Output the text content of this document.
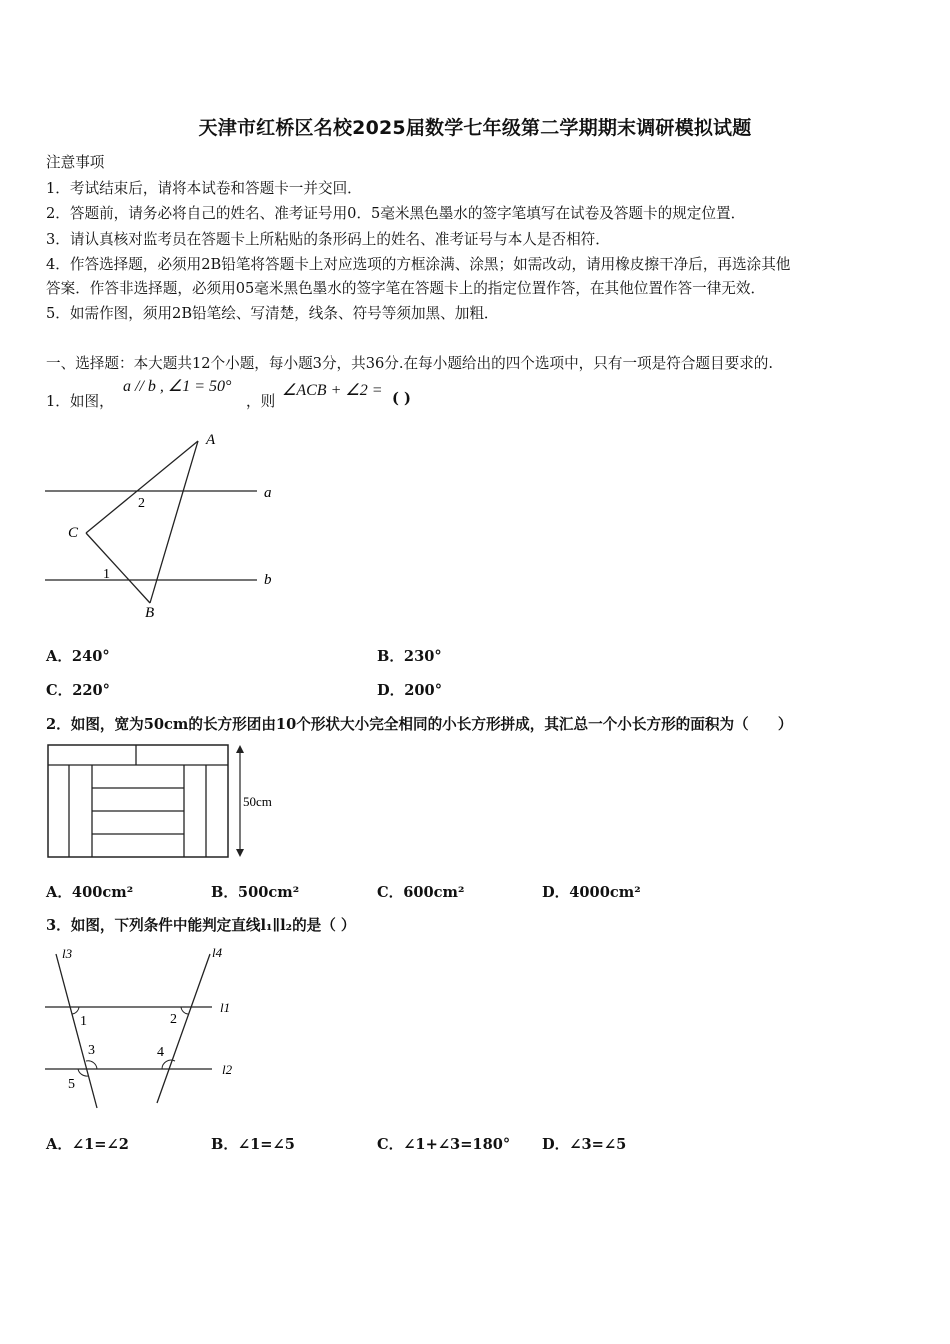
天津市红桥区名校2025届数学七年级第二学期期末调研模拟试题
注意事项
1．考试结束后，请将本试卷和答题卡一并交回．
2．答题前，请务必将自己的姓名、准考证号用0．5毫米黑色墨水的签字笔填写在试卷及答题卡的规定位置．
3．请认真核对监考员在答题卡上所粘贴的条形码上的姓名、准考证号与本人是否相符．
4．作答选择题，必须用2B铅笔将答题卡上对应选项的方框涂满、涂黑；如需改动，请用橡皮擦干净后，再选涂其他
答案．作答非选择题，必须用05毫米黑色墨水的签字笔在答题卡上的指定位置作答，在其他位置作答一律无效．
5．如需作图，须用2B铅笔绘、写清楚，线条、符号等须加黑、加粗．
一、选择题：本大题共12个小题，每小题3分，共36分.在每小题给出的四个选项中，只有一项是符合题目要求的.
1．如图，
a // b , ∠1 = 50°
，则
∠ACB + ∠2 = ( )
A
a
2
C
1	b
B
A．240°	B．230°
C．220°	D．200°
2．如图，宽为50cm的长方形团由10个形状大小完全相同的小长方形拼成，其汇总一个小长方形的面积为（　　）
50cm
A．400cm²	B．500cm²	C．600cm²	D．4000cm²
3．如图，下列条件中能判定直线l₁∥l₂的是（ ）
l3	l4
l1
l2
1	2
3	4
5
A．∠1=∠2	B．∠1=∠5	C．∠1+∠3=180° D．∠3=∠5
